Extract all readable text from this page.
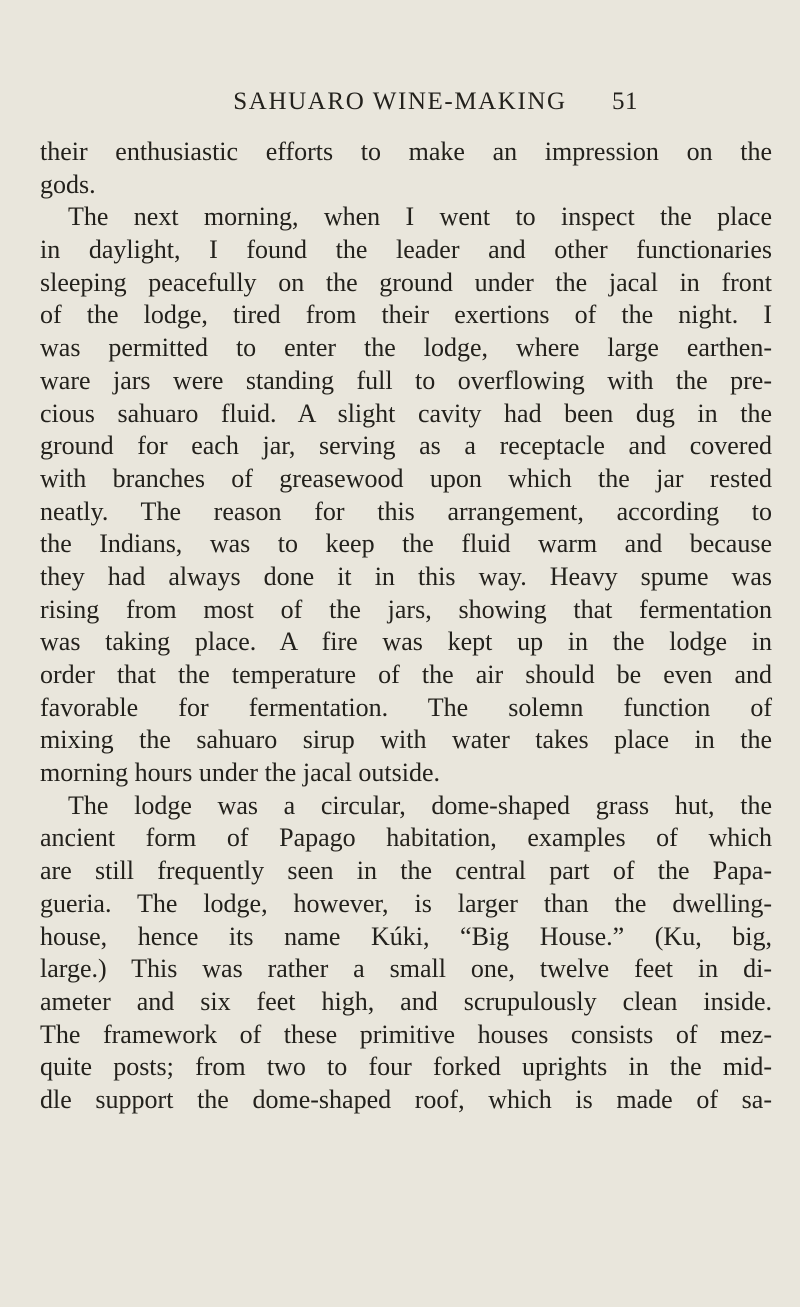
SAHUARO WINE-MAKING	51
their enthusiastic efforts to make an impression on the
gods.
The next morning, when I went to inspect the place
in daylight, I found the leader and other functionaries
sleeping peacefully on the ground under the jacal in front
of the lodge, tired from their exertions of the night. I
was permitted to enter the lodge, where large earthen-
ware jars were standing full to overflowing with the pre-
cious sahuaro fluid. A slight cavity had been dug in the
ground for each jar, serving as a receptacle and covered
with branches of greasewood upon which the jar rested
neatly. The reason for this arrangement, according to
the Indians, was to keep the fluid warm and because
they had always done it in this way. Heavy spume was
rising from most of the jars, showing that fermentation
was taking place. A fire was kept up in the lodge in
order that the temperature of the air should be even and
favorable for fermentation. The solemn function of
mixing the sahuaro sirup with water takes place in the
morning hours under the jacal outside.
The lodge was a circular, dome-shaped grass hut, the
ancient form of Papago habitation, examples of which
are still frequently seen in the central part of the Papa-
gueria. The lodge, however, is larger than the dwelling-
house, hence its name Kúki, “Big House.” (Ku, big,
large.) This was rather a small one, twelve feet in di-
ameter and six feet high, and scrupulously clean inside.
The framework of these primitive houses consists of mez-
quite posts; from two to four forked uprights in the mid-
dle support the dome-shaped roof, which is made of sa-
